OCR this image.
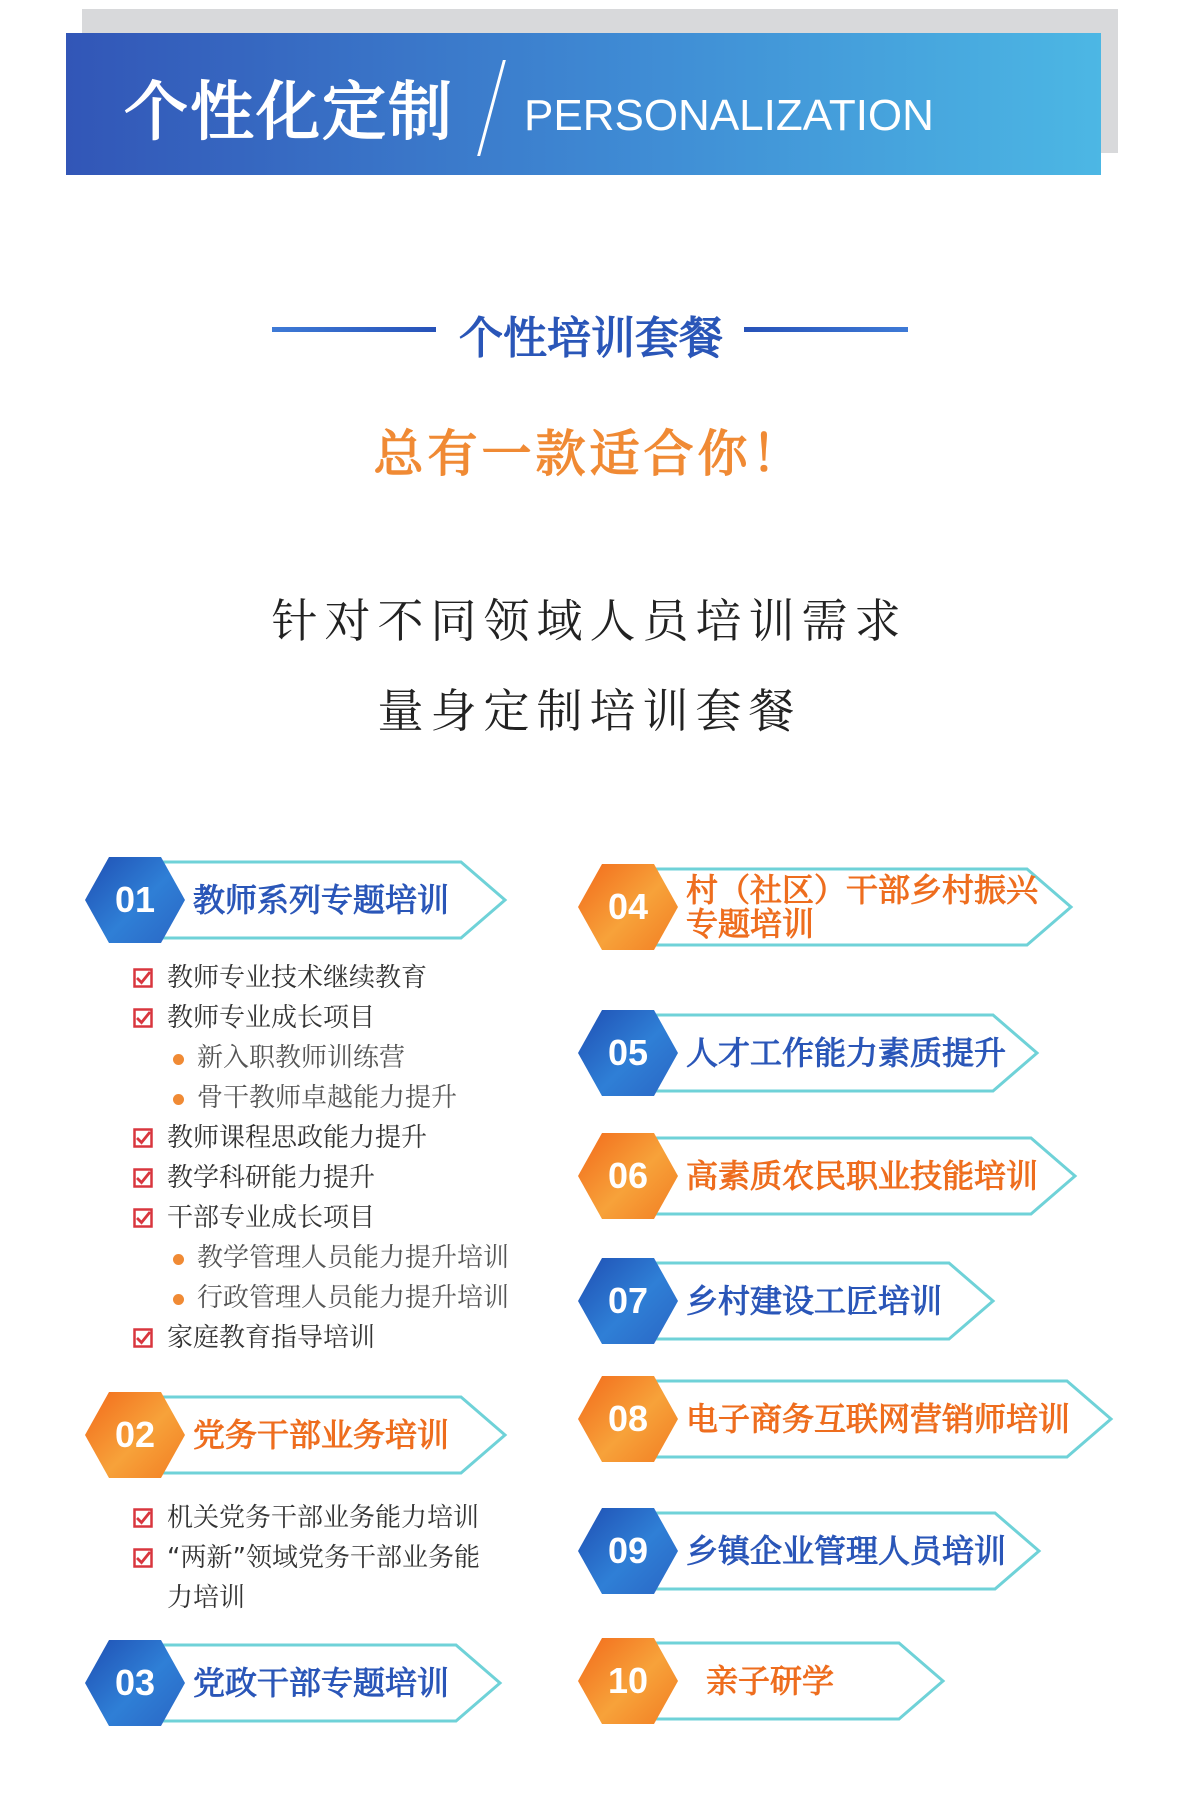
个性化定制 PERSONALIZATION
个性培训套餐
总有一款适合你！
针对不同领域人员培训需求
量身定制培训套餐
01	教师系列专题培训
教师专业技术继续教育
教师专业成长项目
新入职教师训练营
骨干教师卓越能力提升
教师课程思政能力提升
教学科研能力提升
干部专业成长项目
教学管理人员能力提升培训
行政管理人员能力提升培训
家庭教育指导培训
02	党务干部业务培训
机关党务干部业务能力培训
“两新”领域党务干部业务能力培训
03	党政干部专题培训
04	村（社区）干部乡村振兴
专题培训
05	人才工作能力素质提升
06	高素质农民职业技能培训
07	乡村建设工匠培训
08	电子商务互联网营销师培训
09	乡镇企业管理人员培训
10	亲子研学
